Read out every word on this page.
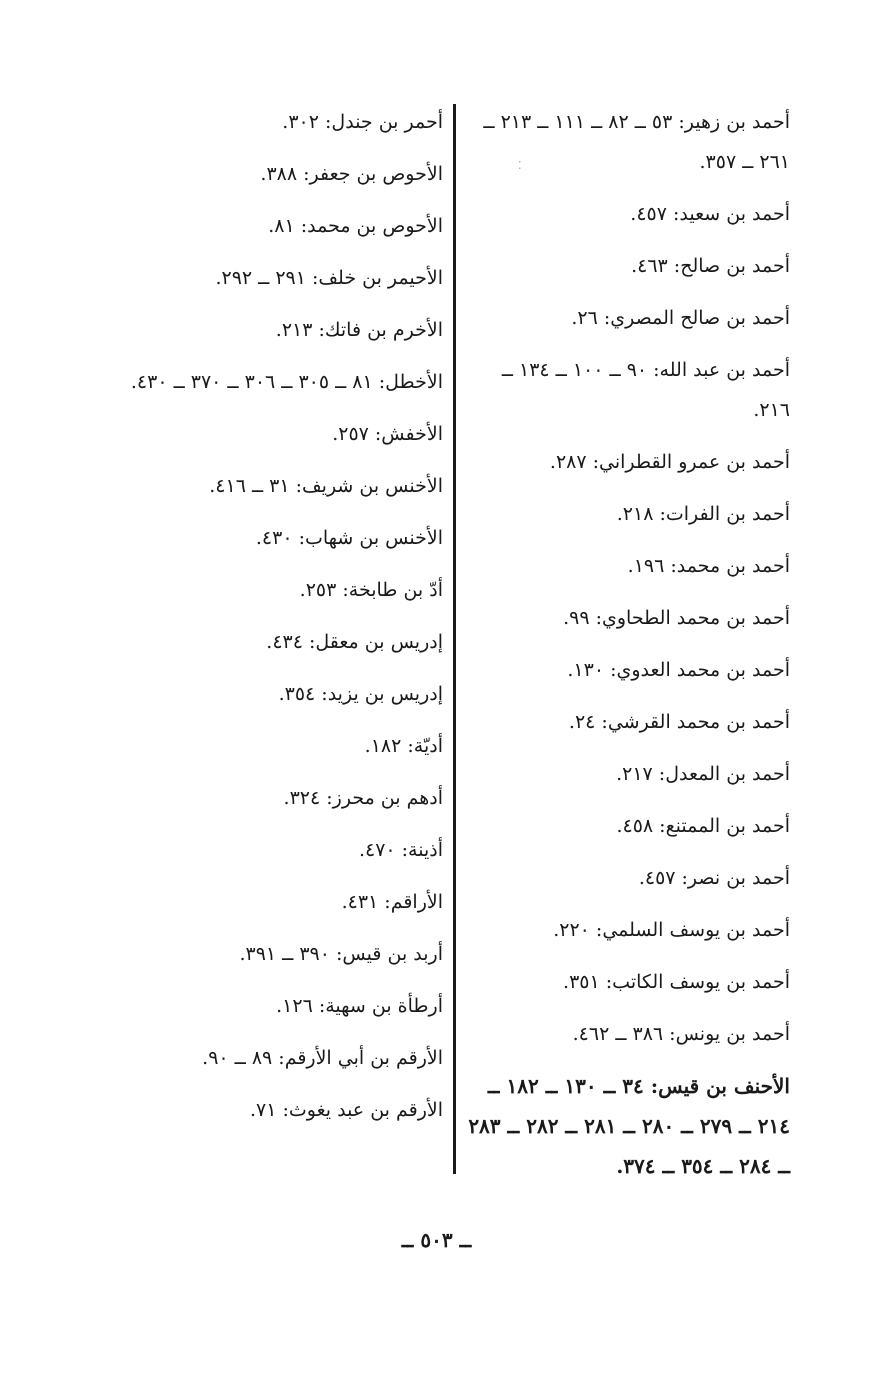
أحمد بن زهير: ٥٣ ــ ٨٢ ــ ١١١ ــ ٢١٣ ــ ٢٦١ ــ ٣٥٧.
أحمد بن سعيد: ٤٥٧.
أحمد بن صالح: ٤٦٣.
أحمد بن صالح المصري: ٢٦.
أحمد بن عبد الله: ٩٠ ــ ١٠٠ ــ ١٣٤ ــ ٢١٦.
أحمد بن عمرو القطراني: ٢٨٧.
أحمد بن الفرات: ٢١٨.
أحمد بن محمد: ١٩٦.
أحمد بن محمد الطحاوي: ٩٩.
أحمد بن محمد العدوي: ١٣٠.
أحمد بن محمد القرشي: ٢٤.
أحمد بن المعدل: ٢١٧.
أحمد بن الممتنع: ٤٥٨.
أحمد بن نصر: ٤٥٧.
أحمد بن يوسف السلمي: ٢٢٠.
أحمد بن يوسف الكاتب: ٣٥١.
أحمد بن يونس: ٣٨٦ ــ ٤٦٢.
الأحنف بن قيس: ٣٤ ــ ١٣٠ ــ ١٨٢ ــ ٢١٤ ــ ٢٧٩ ــ ٢٨٠ ــ ٢٨١ ــ ٢٨٢ ــ ٢٨٣ ــ ٢٨٤ ــ ٣٥٤ ــ ٣٧٤.
أحمر بن جندل: ٣٠٢.
الأحوص بن جعفر: ٣٨٨.
الأحوص بن محمد: ٨١.
الأحيمر بن خلف: ٢٩١ ــ ٢٩٢.
الأخرم بن فاتك: ٢١٣.
الأخطل: ٨١ ــ ٣٠٥ ــ ٣٠٦ ــ ٣٧٠ ــ ٤٣٠.
الأخفش: ٢٥٧.
الأخنس بن شريف: ٣١ ــ ٤١٦.
الأخنس بن شهاب: ٤٣٠.
أدّ بن طابخة: ٢٥٣.
إدريس بن معقل: ٤٣٤.
إدريس بن يزيد: ٣٥٤.
أديّة: ١٨٢.
أدهم بن محرز: ٣٢٤.
أذينة: ٤٧٠.
الأراقم: ٤٣١.
أربد بن قيس: ٣٩٠ ــ ٣٩١.
أرطأة بن سهية: ١٢٦.
الأرقم بن أبي الأرقم: ٨٩ ــ ٩٠.
الأرقم بن عبد يغوث: ٧١.
⁚
ــ ٥٠٣ ــ
